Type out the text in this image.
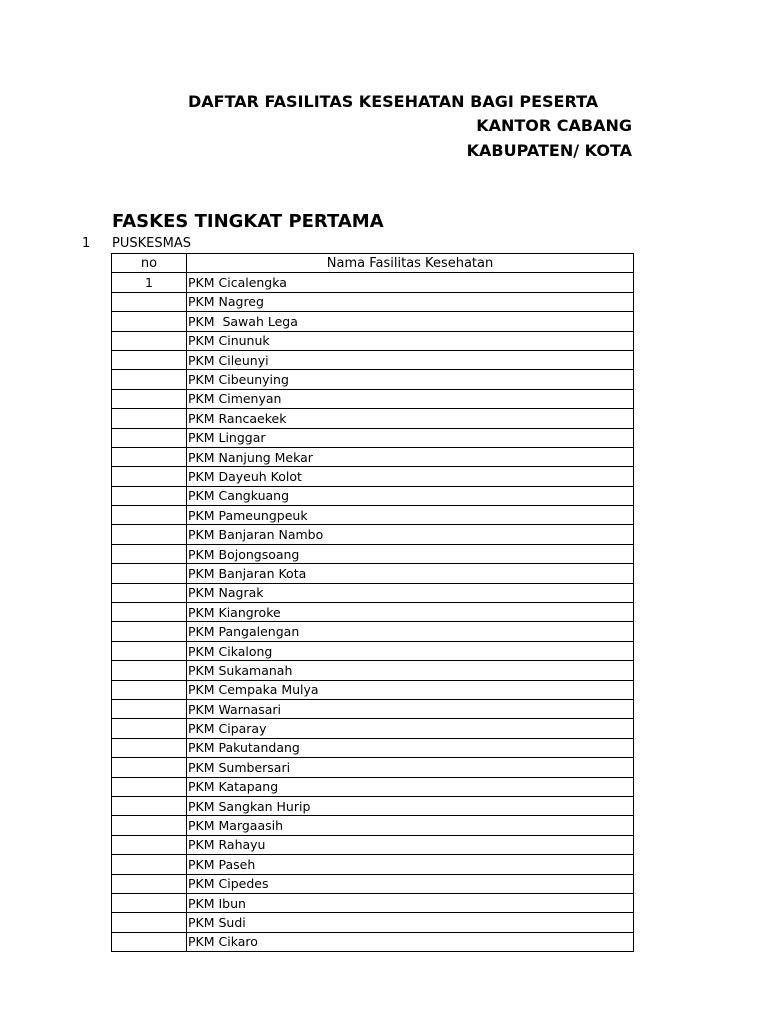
DAFTAR FASILITAS KESEHATAN BAGI PESERTA
KANTOR CABANG
KABUPATEN/ KOTA
FASKES TINGKAT PERTAMA
1 PUSKESMAS
no	Nama Fasilitas Kesehatan
1	PKM Cicalengka
	PKM Nagreg
	PKM  Sawah Lega
	PKM Cinunuk
	PKM Cileunyi
	PKM Cibeunying
	PKM Cimenyan
	PKM Rancaekek
	PKM Linggar
	PKM Nanjung Mekar
	PKM Dayeuh Kolot
	PKM Cangkuang
	PKM Pameungpeuk
	PKM Banjaran Nambo
	PKM Bojongsoang
	PKM Banjaran Kota
	PKM Nagrak
	PKM Kiangroke
	PKM Pangalengan
	PKM Cikalong
	PKM Sukamanah
	PKM Cempaka Mulya
	PKM Warnasari
	PKM Ciparay
	PKM Pakutandang
	PKM Sumbersari
	PKM Katapang
	PKM Sangkan Hurip
	PKM Margaasih
	PKM Rahayu
	PKM Paseh
	PKM Cipedes
	PKM Ibun
	PKM Sudi
	PKM Cikaro
